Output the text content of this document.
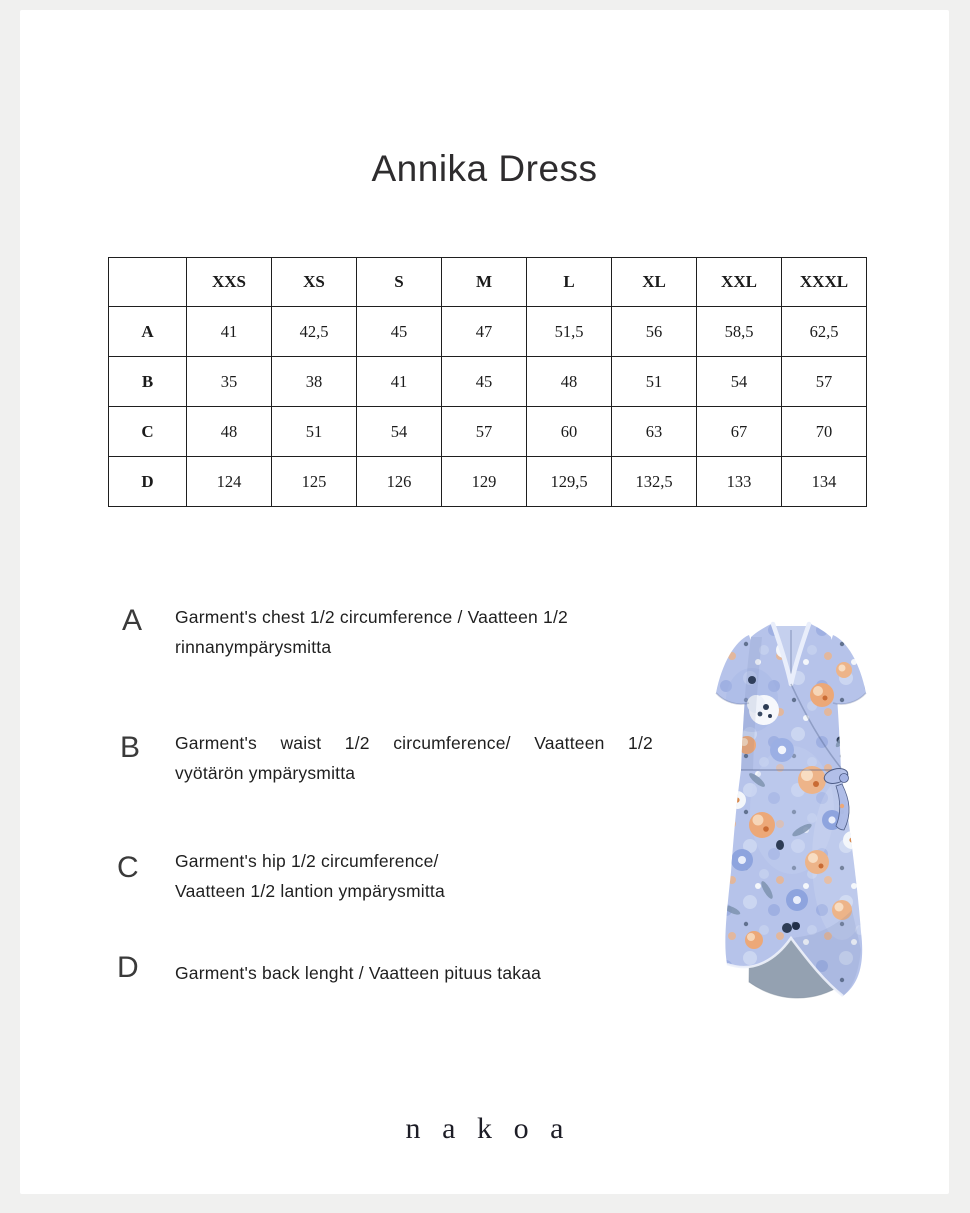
Annika Dress
	XXS	XS	S	M	L	XL	XXL	XXXL
A	41	42,5	45	47	51,5	56	58,5	62,5
B	35	38	41	45	48	51	54	57
C	48	51	54	57	60	63	67	70
D	124	125	126	129	129,5	132,5	133	134
A Garment's chest 1/2 circumference / Vaatteen 1/2
rinnanympärysmitta
B Garment's waist 1/2 circumference/ Vaatteen 1/2
vyötärön ympärysmitta
C Garment's hip 1/2 circumference/
Vaatteen 1/2 lantion ympärysmitta
D Garment's back lenght / Vaatteen pituus takaa
nakoa
